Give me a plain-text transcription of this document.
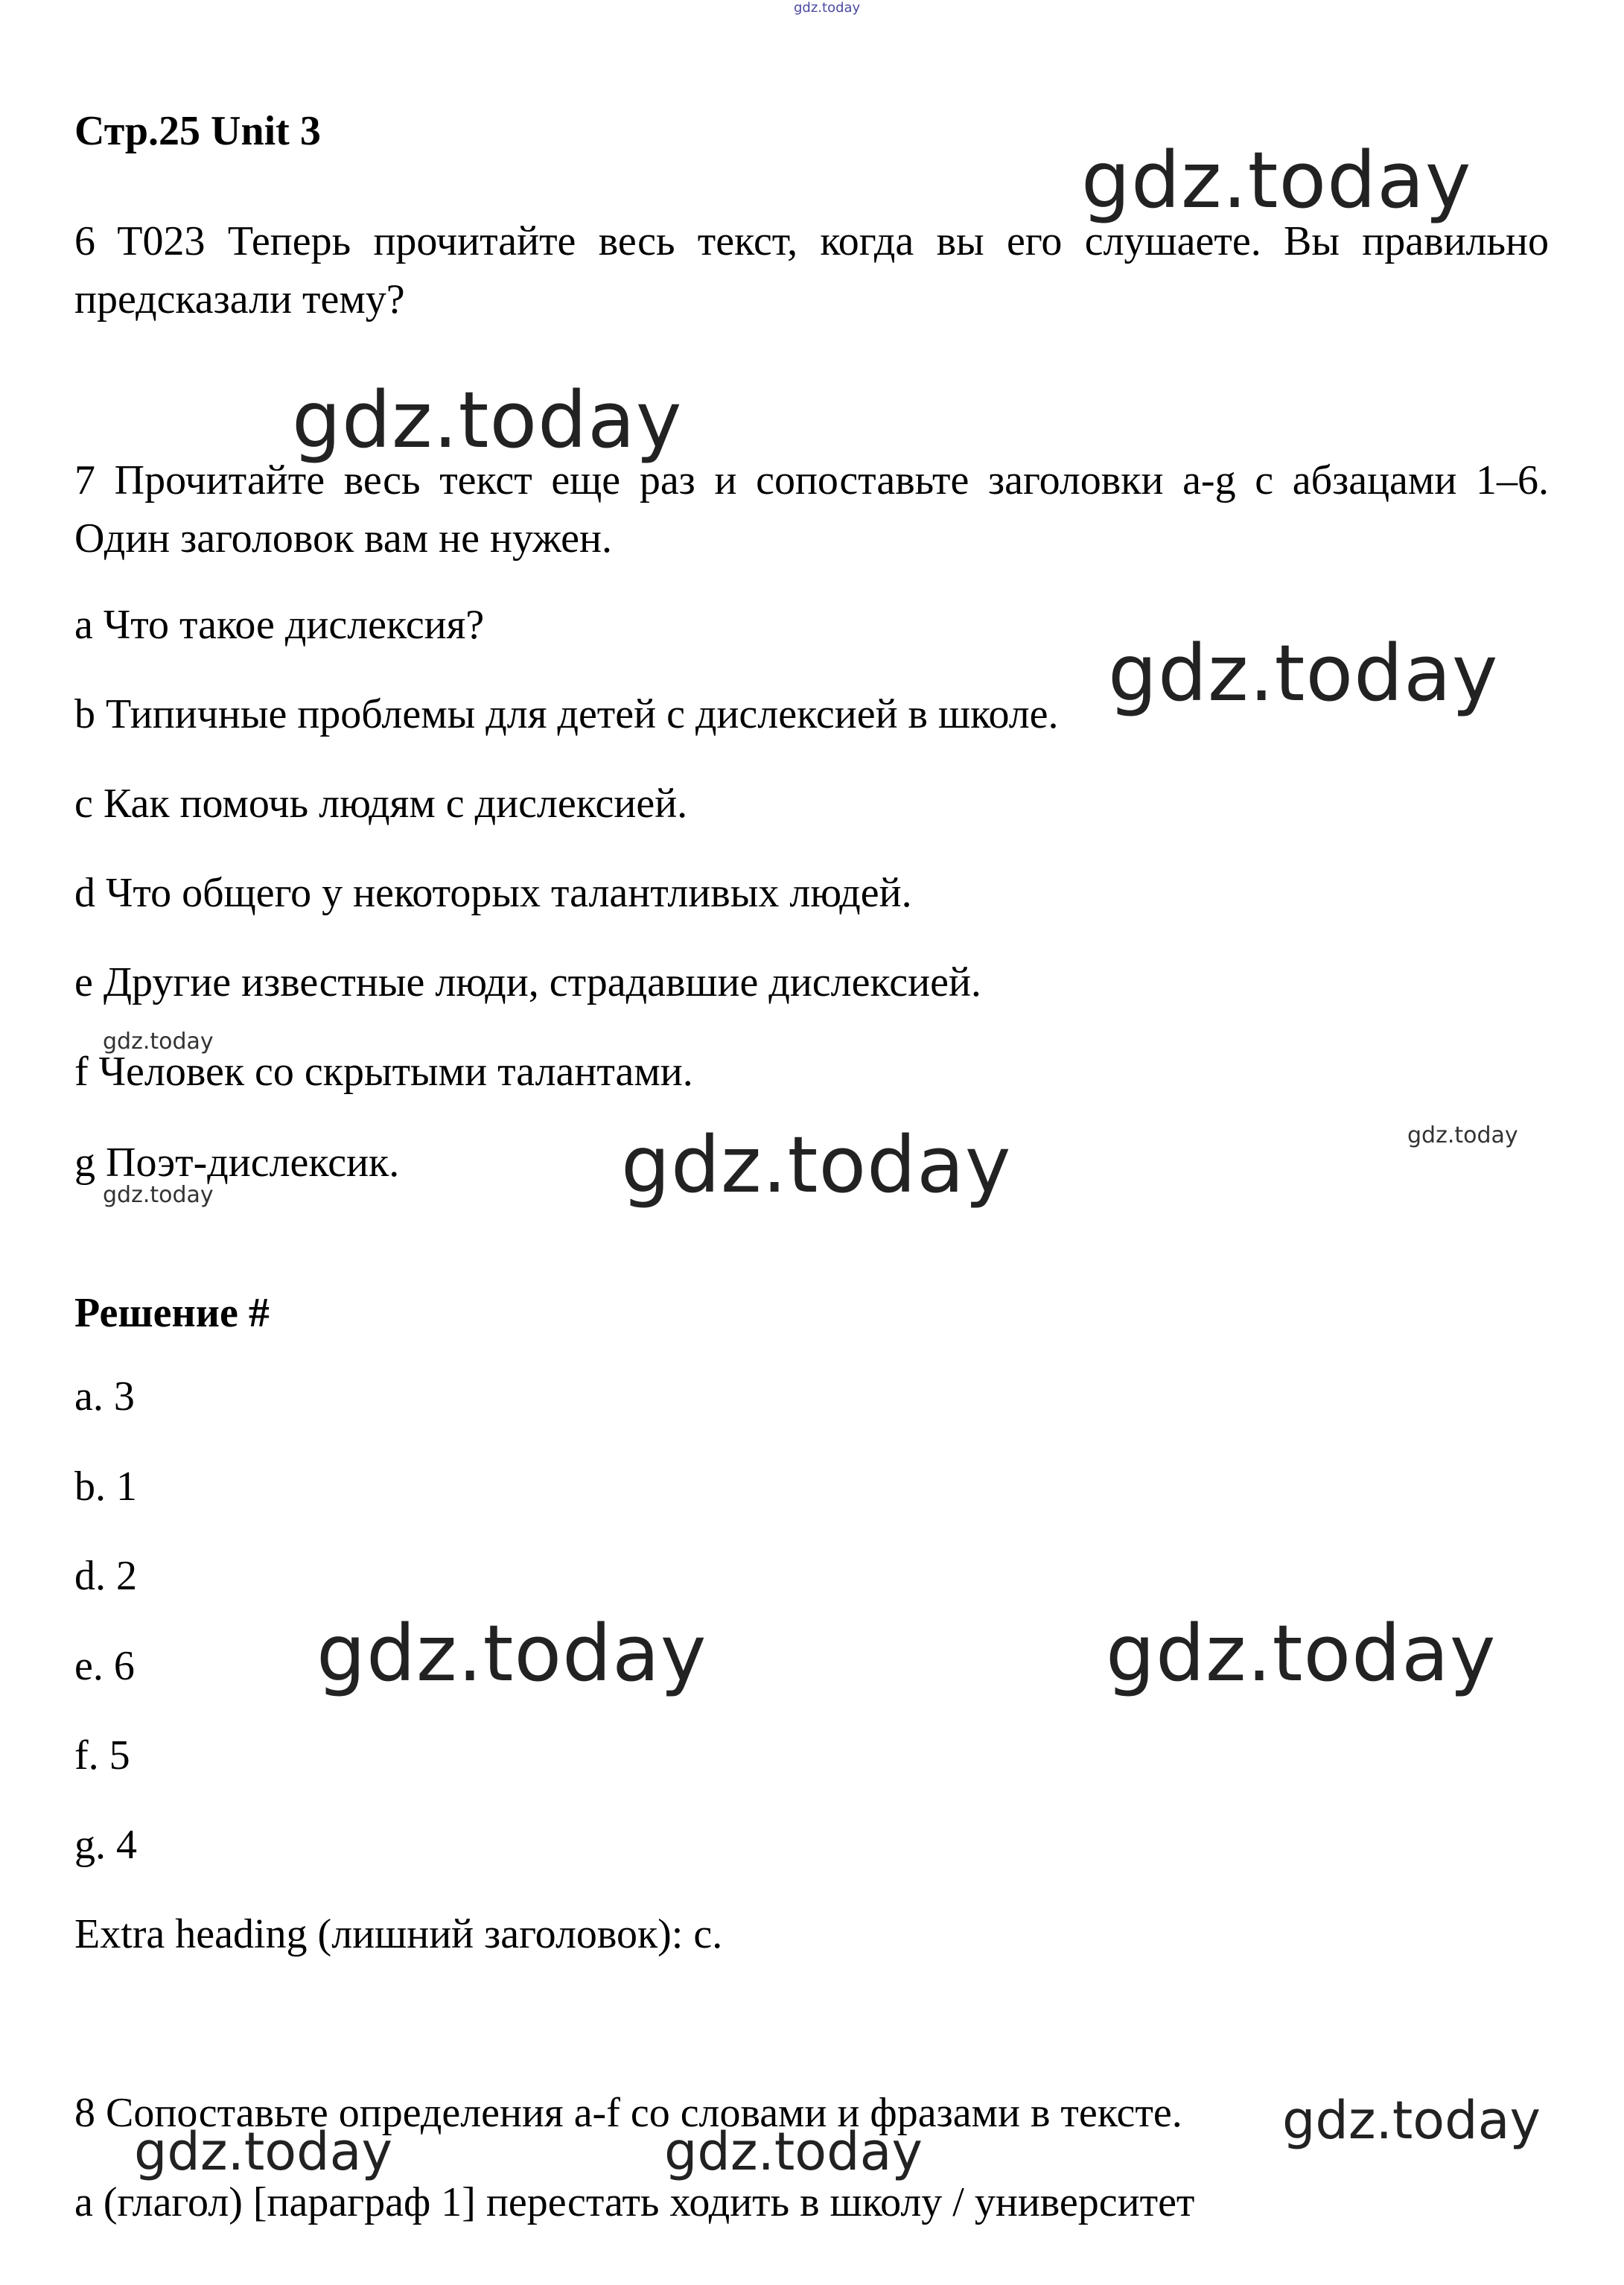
gdz.today
Стр.25 Unit 3
6 T023 Теперь прочитайте весь текст, когда вы его слушаете. Вы правильно предсказали тему?
7 Прочитайте весь текст еще раз и сопоставьте заголовки a-g с абзацами 1–6. Один заголовок вам не нужен.
a Что такое дислексия?
b Типичные проблемы для детей с дислексией в школе.
c Как помочь людям с дислексией.
d Что общего у некоторых талантливых людей.
e Другие известные люди, страдавшие дислексией.
f Человек со скрытыми талантами.
g Поэт-дислексик.
Решение #
a. 3
b. 1
d. 2
e. 6
f. 5
g. 4
Extra heading (лишний заголовок): c.
8 Сопоставьте определения a-f со словами и фразами в тексте.
a (глагол) [параграф 1] перестать ходить в школу / университет
gdz.today
gdz.today
gdz.today
gdz.today
gdz.today
gdz.today
gdz.today
gdz.today	gdz.today
gdz.today
gdz.today	gdz.today
